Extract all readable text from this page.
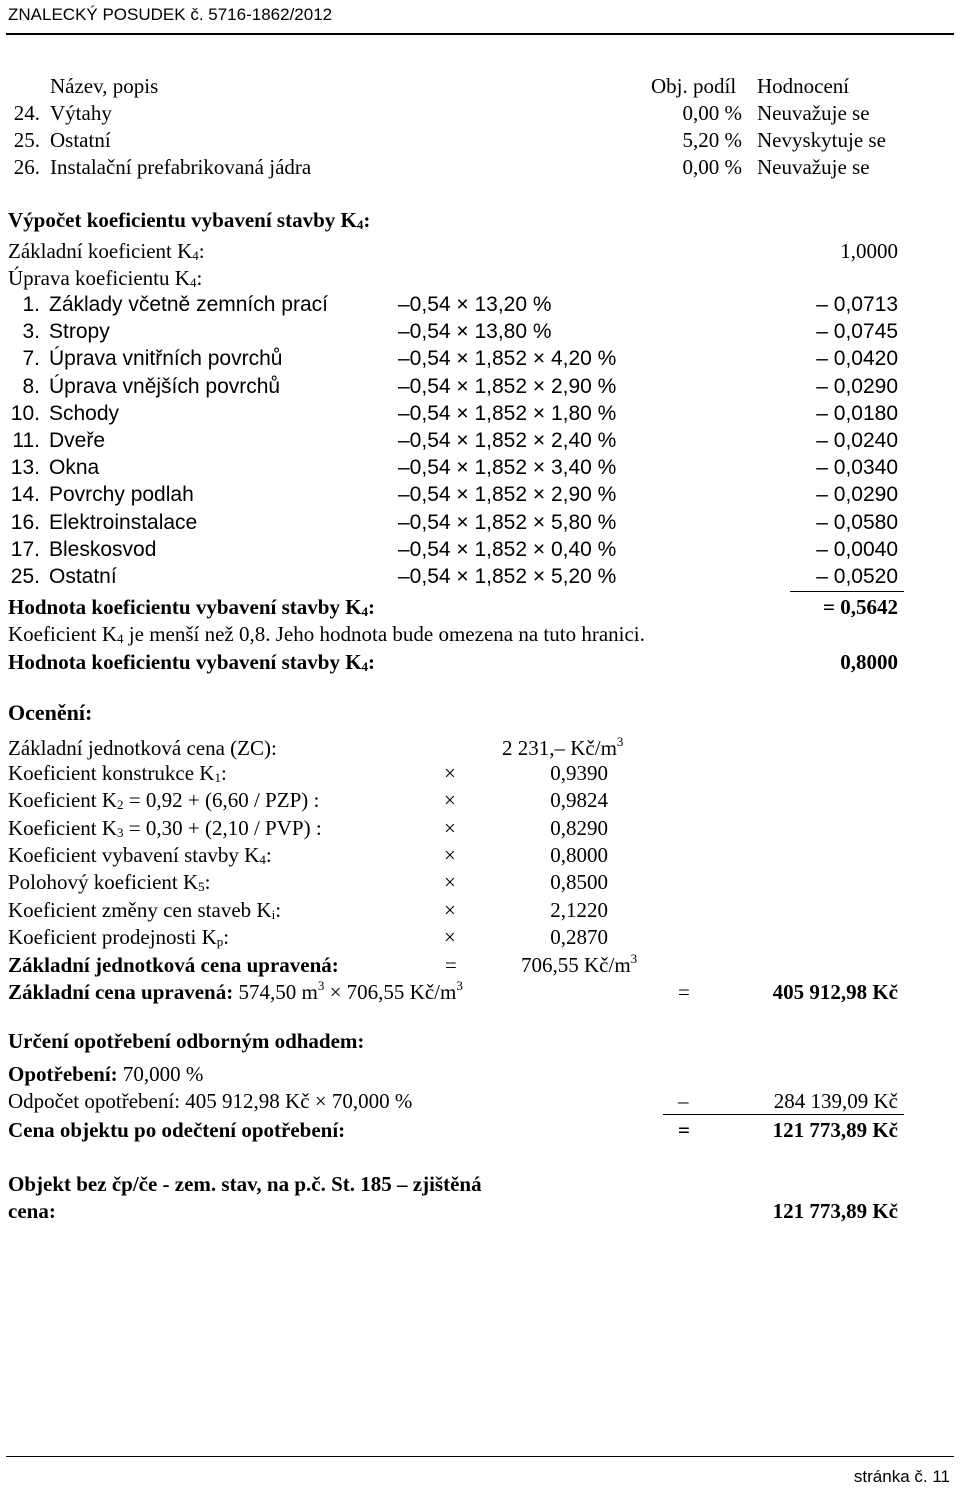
ZNALECKÝ POSUDEK č. 5716-1862/2012
Název, popis	Obj. podíl Hodnocení
24. Výtahy	0,00 % Neuvažuje se
25. Ostatní	5,20 % Nevyskytuje se
26. Instalační prefabrikovaná jádra	0,00 % Neuvažuje se
Výpočet koeficientu vybavení stavby $K_4$:
Základní koeficient $K_4$:	1,0000
Úprava koeficientu $K_4$:
1. Základy včetně zemních prací	–0,54 × 13,20 %	– 0,0713
3. Stropy	–0,54 × 13,80 %	– 0,0745
7. Úprava vnitřních povrchů	–0,54 × 1,852 × 4,20 %	– 0,0420
8. Úprava vnějších povrchů	–0,54 × 1,852 × 2,90 %	– 0,0290
10. Schody	–0,54 × 1,852 × 1,80 %	– 0,0180
11. Dveře	–0,54 × 1,852 × 2,40 %	– 0,0240
13. Okna	–0,54 × 1,852 × 3,40 %	– 0,0340
14. Povrchy podlah	–0,54 × 1,852 × 2,90 %	– 0,0290
16. Elektroinstalace	–0,54 × 1,852 × 5,80 %	– 0,0580
17. Bleskosvod	–0,54 × 1,852 × 0,40 %	– 0,0040
25. Ostatní	–0,54 × 1,852 × 5,20 %	– 0,0520
Hodnota koeficientu vybavení stavby $K_4$:	= 0,5642
Koeficient $K_4$ je menší než 0,8. Jeho hodnota bude omezena na tuto hranici.
Hodnota koeficientu vybavení stavby $K_4$:	0,8000
Ocenění:
Základní jednotková cena (ZC):	2 231,– $Kč/m^3$
Koeficient konstrukce $K_1$:	×	0,9390
Koeficient $K_2 = 0,92 + (6,60 / PZP)$ :	×	0,9824
Koeficient $K_3 = 0,30 + (2,10 / PVP)$ :	×	0,8290
Koeficient vybavení stavby $K_4$:	×	0,8000
Polohový koeficient $K_5$:	×	0,8500
Koeficient změny cen staveb $K_i$:	×	2,1220
Koeficient prodejnosti $K_p$:	×	0,2870
Základní jednotková cena upravená:	=	706,55 $Kč/m^3$
Základní cena upravená: 574,50 $m^3 \times 706,55$ $Kč/m^3$	=	405 912,98 Kč
Určení opotřebení odborným odhadem:
Opotřebení: 70,000 %
Odpočet opotřebení: 405 912,98 Kč × 70,000 %	–	284 139,09 Kč
Cena objektu po odečtení opotřebení:	=	121 773,89 Kč
Objekt bez čp/če - zem. stav, na p.č. St. 185 – zjištěná
cena:	121 773,89 Kč
stránka č. 11
